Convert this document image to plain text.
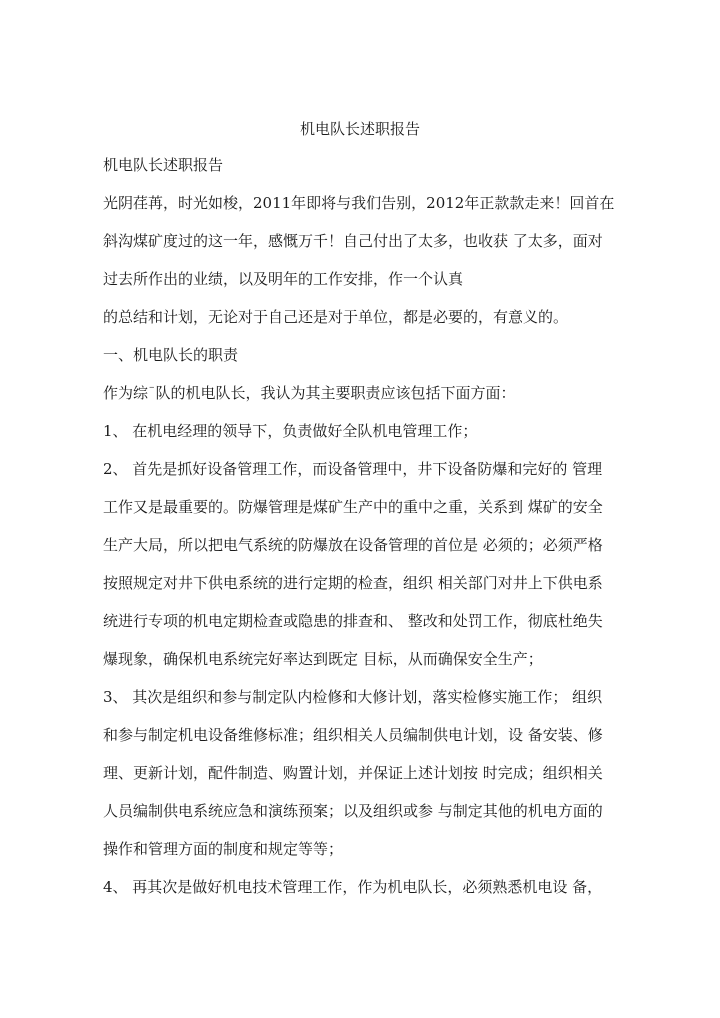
机电队长述职报告
机电队长述职报告
光阴荏苒，时光如梭，2011年即将与我们告别，2012年正款款走来！回首在
斜沟煤矿度过的这一年，感慨万千！自己付出了太多，也收获 了太多，面对
过去所作出的业绩，以及明年的工作安排，作一个认真
的总结和计划，无论对于自己还是对于单位，都是必要的，有意义的。
一、机电队长的职责
作为综¯队的机电队长，我认为其主要职责应该包括下面方面：
1、 在机电经理的领导下，负责做好全队机电管理工作；
2、 首先是抓好设备管理工作，而设备管理中，井下设备防爆和完好的 管理
工作又是最重要的。防爆管理是煤矿生产中的重中之重，关系到 煤矿的安全
生产大局，所以把电气系统的防爆放在设备管理的首位是 必须的；必须严格
按照规定对井下供电系统的进行定期的检查，组织 相关部门对井上下供电系
统进行专项的机电定期检查或隐患的排查和、 整改和处罚工作，彻底杜绝失
爆现象，确保机电系统完好率达到既定 目标，从而确保安全生产；
3、 其次是组织和参与制定队内检修和大修计划，落实检修实施工作； 组织
和参与制定机电设备维修标准；组织相关人员编制供电计划，设 备安装、修
理、更新计划，配件制造、购置计划，并保证上述计划按 时完成；组织相关
人员编制供电系统应急和演练预案；以及组织或参 与制定其他的机电方面的
操作和管理方面的制度和规定等等；
4、 再其次是做好机电技术管理工作，作为机电队长，必须熟悉机电设 备，
